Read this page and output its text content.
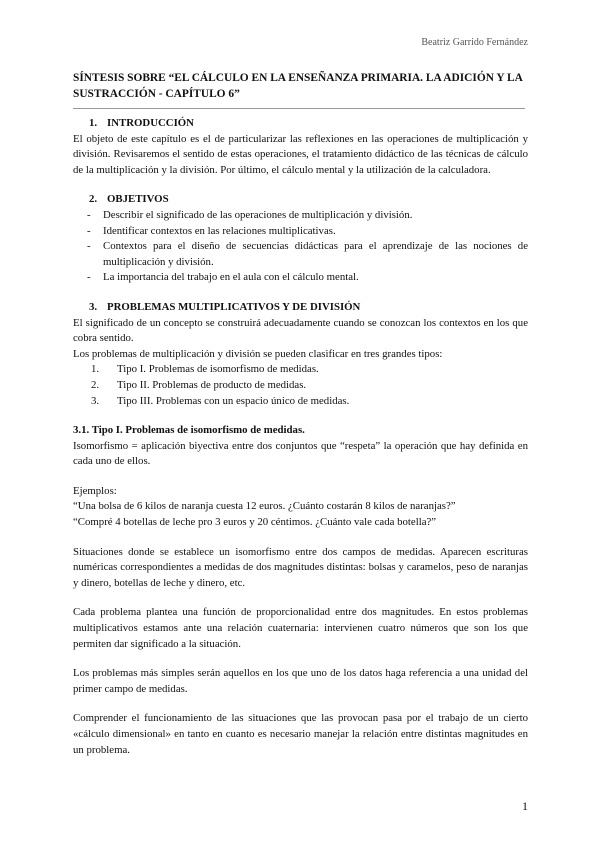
Beatriz Garrido Fernández
SÍNTESIS SOBRE “EL CÁLCULO EN LA ENSEÑANZA PRIMARIA. LA ADICIÓN Y LA SUSTRACCIÓN - CAPÍTULO 6”
1. INTRODUCCIÓN

El objeto de este capítulo es el de particularizar las reflexiones en las operaciones de multiplicación y división. Revisaremos el sentido de estas operaciones, el tratamiento didáctico de las técnicas de cálculo de la multiplicación y la división. Por último, el cálculo mental y la utilización de la calculadora.

2. OBJETIVOS
- Describir el significado de las operaciones de multiplicación y división.
- Identificar contextos en las relaciones multiplicativas.
- Contextos para el diseño de secuencias didácticas para el aprendizaje de las nociones de multiplicación y división.
- La importancia del trabajo en el aula con el cálculo mental.
3. PROBLEMAS MULTIPLICATIVOS Y DE DIVISIÓN

El significado de un concepto se construirá adecuadamente cuando se conozcan los contextos en los que cobra sentido.

Los problemas de multiplicación y división se pueden clasificar en tres grandes tipos:

1. Tipo I. Problemas de isomorfismo de medidas.
2. Tipo II. Problemas de producto de medidas.
3. Tipo III. Problemas con un espacio único de medidas.
3.1. Tipo I. Problemas de isomorfismo de medidas.

Isomorfismo = aplicación biyectiva entre dos conjuntos que “respeta” la operación que hay definida en cada uno de ellos.

Ejemplos:

“Una bolsa de 6 kilos de naranja cuesta 12 euros. ¿Cuánto costarán 8 kilos de naranjas?”

“Compré 4 botellas de leche pro 3 euros y 20 céntimos. ¿Cuánto vale cada botella?”

Situaciones donde se establece un isomorfismo entre dos campos de medidas. Aparecen escrituras numéricas correspondientes a medidas de dos magnitudes distintas: bolsas y caramelos, peso de naranjas y dinero, botellas de leche y dinero, etc.

Cada problema plantea una función de proporcionalidad entre dos magnitudes. En estos problemas multiplicativos estamos ante una relación cuaternaria: intervienen cuatro números que son los que permiten dar significado a la situación.

Los problemas más simples serán aquellos en los que uno de los datos haga referencia a una unidad del primer campo de medidas.

Comprender el funcionamiento de las situaciones que las provocan pasa por el trabajo de un cierto «cálculo dimensional» en tanto en cuanto es necesario manejar la relación entre distintas magnitudes en un problema.

1
